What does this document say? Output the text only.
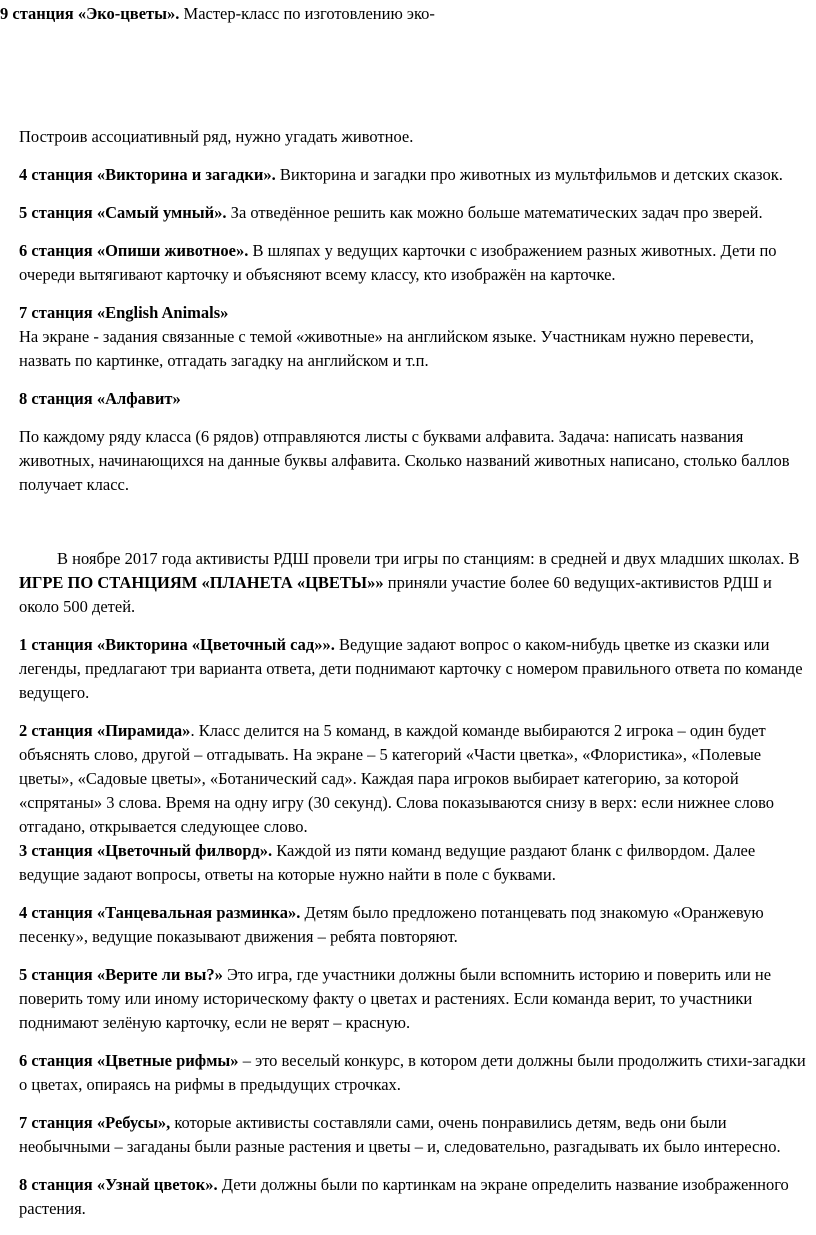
9 станция «Эко-цветы». Мастер-класс по изготовлению эко-

Построив ассоциативный ряд, нужно угадать животное.

4 станция «Викторина и загадки». Викторина и загадки про животных из мультфильмов и детских сказок.

5 станция «Самый умный». За отведённое решить как можно больше математических задач про зверей.

6 станция «Опиши животное». В шляпах у ведущих карточки с изображением разных животных. Дети по очереди вытягивают карточку и объясняют всему классу, кто изображён на карточке.

7 станция «English Animals»
На экране - задания связанные с темой «животные» на английском языке. Участникам нужно перевести, назвать по картинке, отгадать загадку на английском и т.п.

8 станция «Алфавит»

По каждому ряду класса (6 рядов) отправляются листы с буквами алфавита. Задача: написать названия животных, начинающихся на данные буквы алфавита. Сколько названий животных написано, столько баллов получает класс.

В ноябре 2017 года активисты РДШ провели три игры по станциям: в средней и двух младших школах. В ИГРЕ ПО СТАНЦИЯМ «ПЛАНЕТА «ЦВЕТЫ»» приняли участие более 60 ведущих-активистов РДШ и около 500 детей.

1 станция «Викторина «Цветочный сад»». Ведущие задают вопрос о каком-нибудь цветке из сказки или легенды, предлагают три варианта ответа, дети поднимают карточку с номером правильного ответа по команде ведущего.

2 станция «Пирамида». Класс делится на 5 команд, в каждой команде выбираются 2 игрока – один будет объяснять слово, другой – отгадывать. На экране – 5 категорий «Части цветка», «Флористика», «Полевые цветы», «Садовые цветы», «Ботанический сад». Каждая пара игроков выбирает категорию, за которой «спрятаны» 3 слова. Время на одну игру (30 секунд). Слова показываются снизу в верх: если нижнее слово отгадано, открывается следующее слово.

3 станция «Цветочный филворд». Каждой из пяти команд ведущие раздают бланк с филвордом. Далее ведущие задают вопросы, ответы на которые нужно найти в поле с буквами.

4 станция «Танцевальная разминка». Детям было предложено потанцевать под знакомую «Оранжевую песенку», ведущие показывают движения – ребята повторяют.

5 станция «Верите ли вы?» Это игра, где участники должны были вспомнить историю и поверить или не поверить тому или иному историческому факту о цветах и растениях. Если команда верит, то участники поднимают зелёную карточку, если не верят – красную.

6 станция «Цветные рифмы» – это веселый конкурс, в котором дети должны были продолжить стихи-загадки о цветах, опираясь на рифмы в предыдущих строчках.

7 станция «Ребусы», которые активисты составляли сами, очень понравились детям, ведь они были необычными – загаданы были разные растения и цветы – и, следовательно, разгадывать их было интересно.

8 станция «Узнай цветок». Дети должны были по картинкам на экране определить название изображенного растения.
